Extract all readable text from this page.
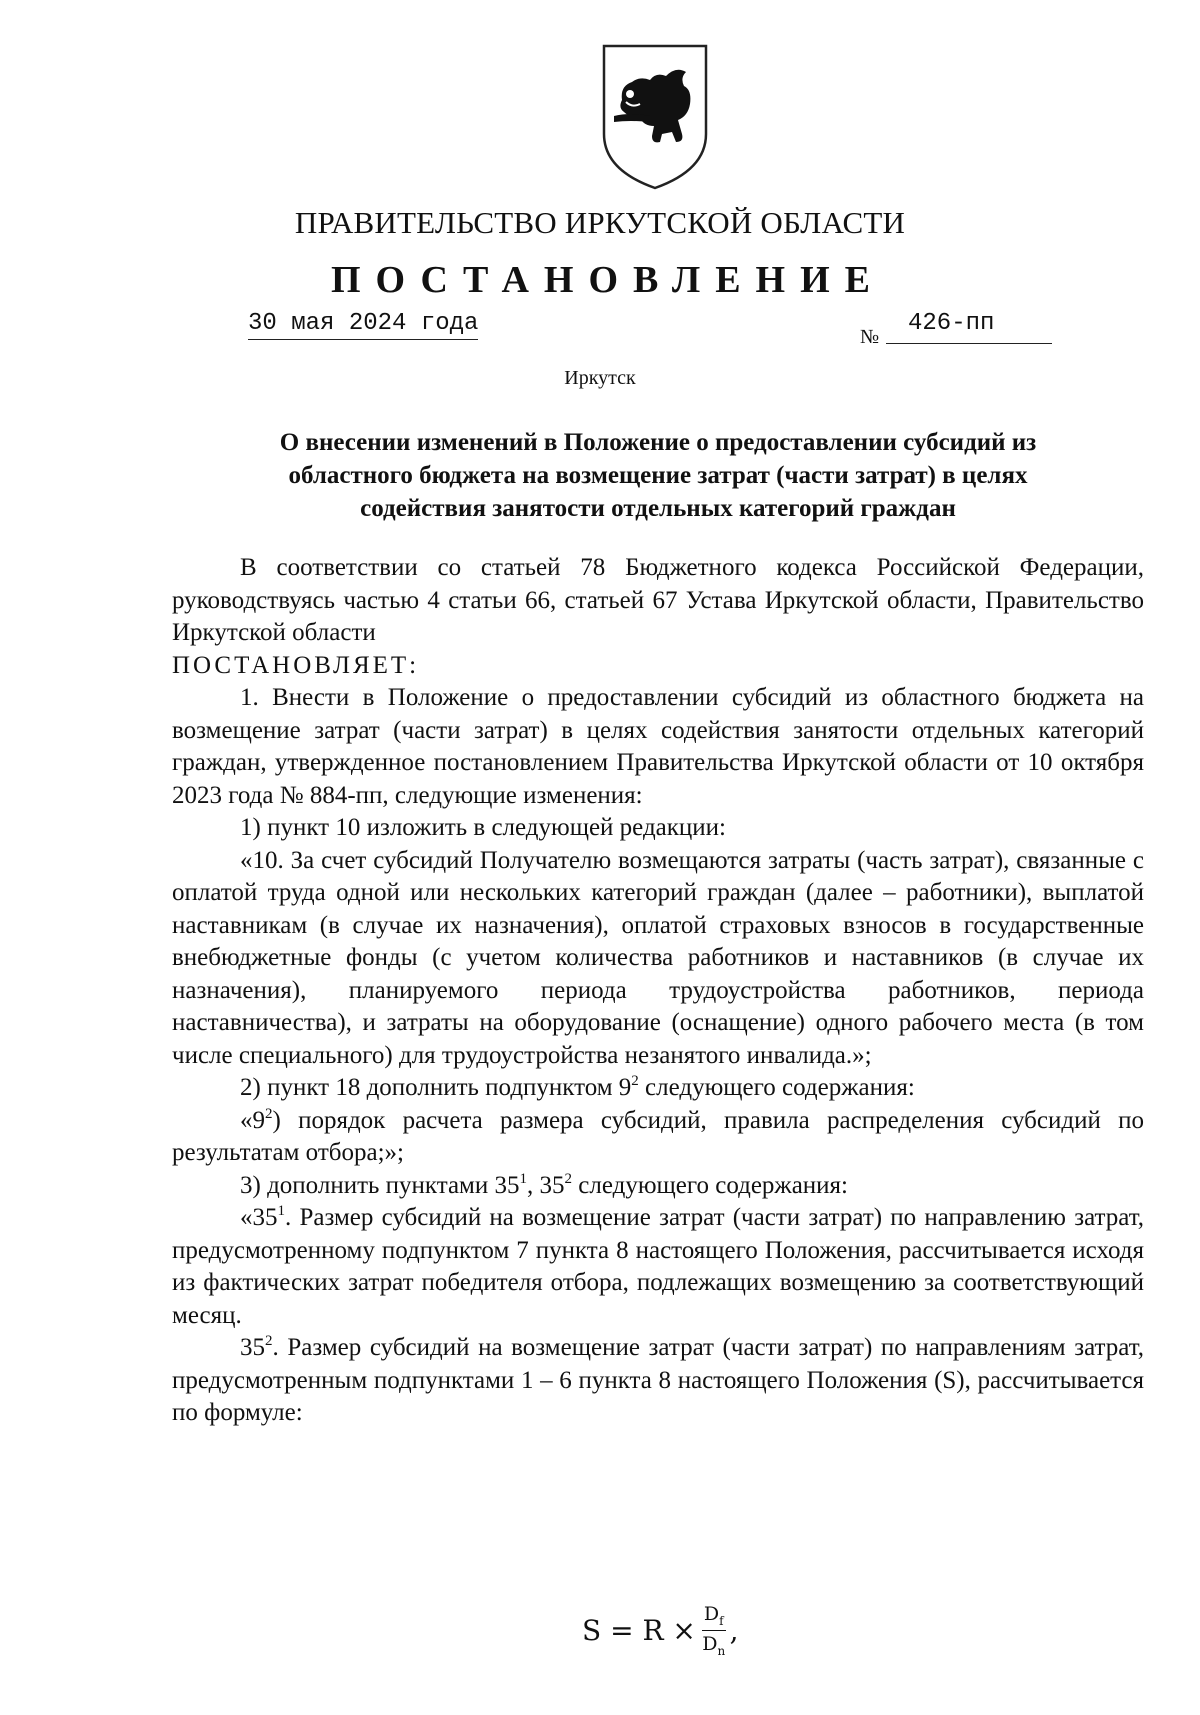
ПРАВИТЕЛЬСТВО ИРКУТСКОЙ ОБЛАСТИ
ПОСТАНОВЛЕНИЕ
30 мая 2024 года	№	426-пп
Иркутск
О внесении изменений в Положение о предоставлении субсидий из
областного бюджета на возмещение затрат (части затрат) в целях
содействия занятости отдельных категорий граждан

В соответствии со статьей 78 Бюджетного кодекса Российской Федерации, руководствуясь частью 4 статьи 66, статьей 67 Устава Иркутской области, Правительство Иркутской области

ПОСТАНОВЛЯЕТ:

1. Внести в Положение о предоставлении субсидий из областного бюджета на возмещение затрат (части затрат) в целях содействия занятости отдельных категорий граждан, утвержденное постановлением Правительства Иркутской области от 10 октября 2023 года № 884-пп, следующие изменения:

1) пункт 10 изложить в следующей редакции:

«10. За счет субсидий Получателю возмещаются затраты (часть затрат), связанные с оплатой труда одной или нескольких категорий граждан (далее – работники), выплатой наставникам (в случае их назначения), оплатой страховых взносов в государственные внебюджетные фонды (с учетом количества работников и наставников (в случае их назначения), планируемого периода трудоустройства работников, периода наставничества), и затраты на оборудование (оснащение) одного рабочего места (в том числе специального) для трудоустройства незанятого инвалида.»;

2) пункт 18 дополнить подпунктом $9^2$ следующего содержания:

«$9^2$) порядок расчета размера субсидий, правила распределения субсидий по результатам отбора;»;

3) дополнить пунктами $35^1$, $35^2$ следующего содержания:

«$35^1$. Размер субсидий на возмещение затрат (части затрат) по направлению затрат, предусмотренному подпунктом 7 пункта 8 настоящего Положения, рассчитывается исходя из фактических затрат победителя отбора, подлежащих возмещению за соответствующий месяц.

$35^2$. Размер субсидий на возмещение затрат (части затрат) по направлениям затрат, предусмотренным подпунктами 1 – 6 пункта 8 настоящего Положения (S), рассчитывается по формуле:

$S = R \times \frac{D_f}{D_n}$ ,
